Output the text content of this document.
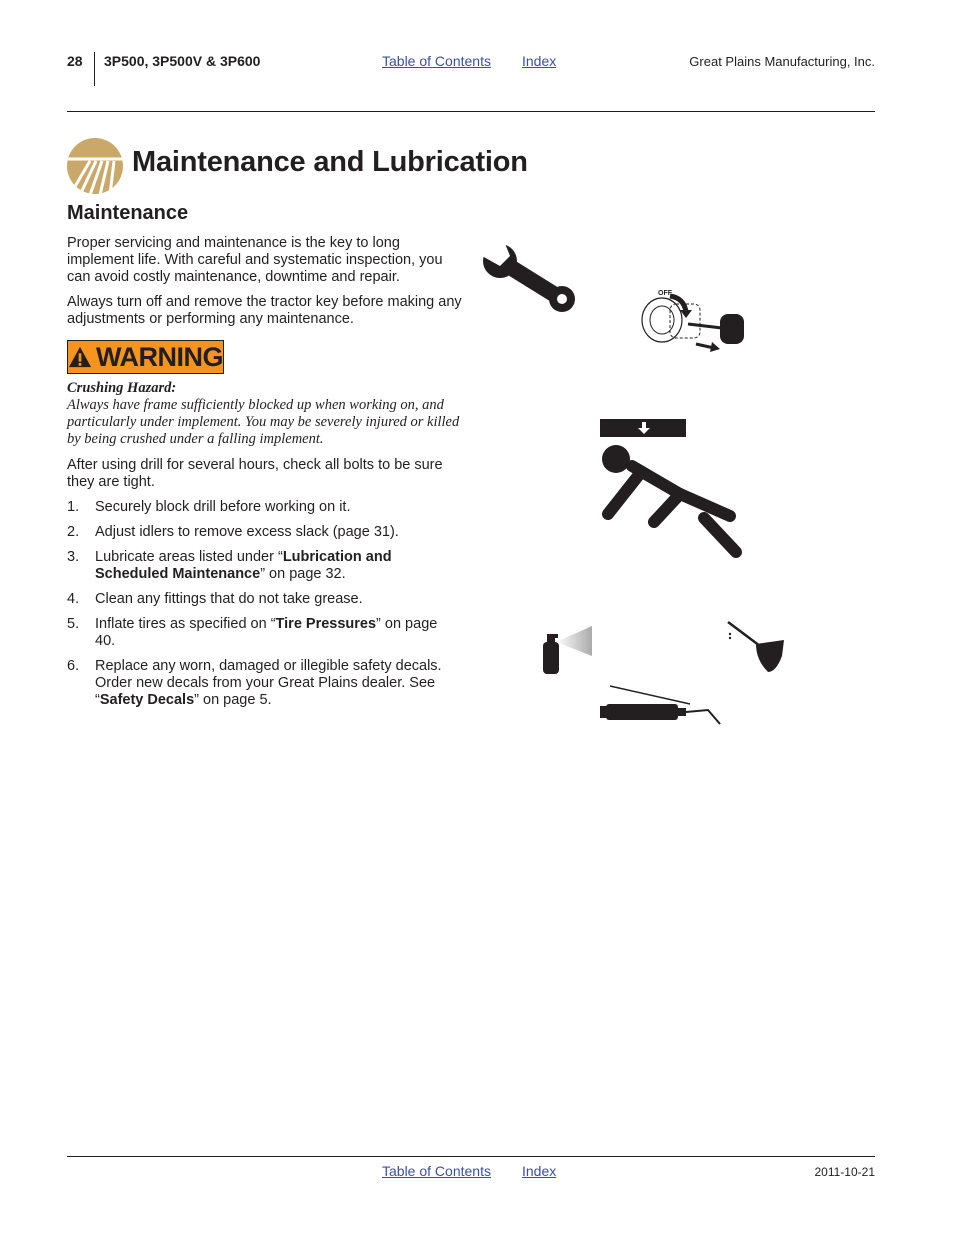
28 3P500, 3P500V & 3P600	Table of Contents Index	Great Plains Manufacturing, Inc.
Maintenance and Lubrication
Maintenance

Proper servicing and maintenance is the key to long implement life. With careful and systematic inspection, you can avoid costly maintenance, downtime and repair.

Always turn off and remove the tractor key before making any adjustments or performing any maintenance.

WARNING
Crushing Hazard:
Always have frame sufficiently blocked up when working on, and particularly under implement. You may be severely injured or killed by being crushed under a falling implement.

After using drill for several hours, check all bolts to be sure they are tight.

1. Securely block drill before working on it.
2. Adjust idlers to remove excess slack (page 31).
3. Lubricate areas listed under “Lubrication and Scheduled Maintenance” on page 32.
4. Clean any fittings that do not take grease.
5. Inflate tires as specified on “Tire Pressures” on page 40.
6. Replace any worn, damaged or illegible safety decals. Order new decals from your Great Plains dealer. See “Safety Decals” on page 5.
OFF
Table of Contents Index	2011-10-21
